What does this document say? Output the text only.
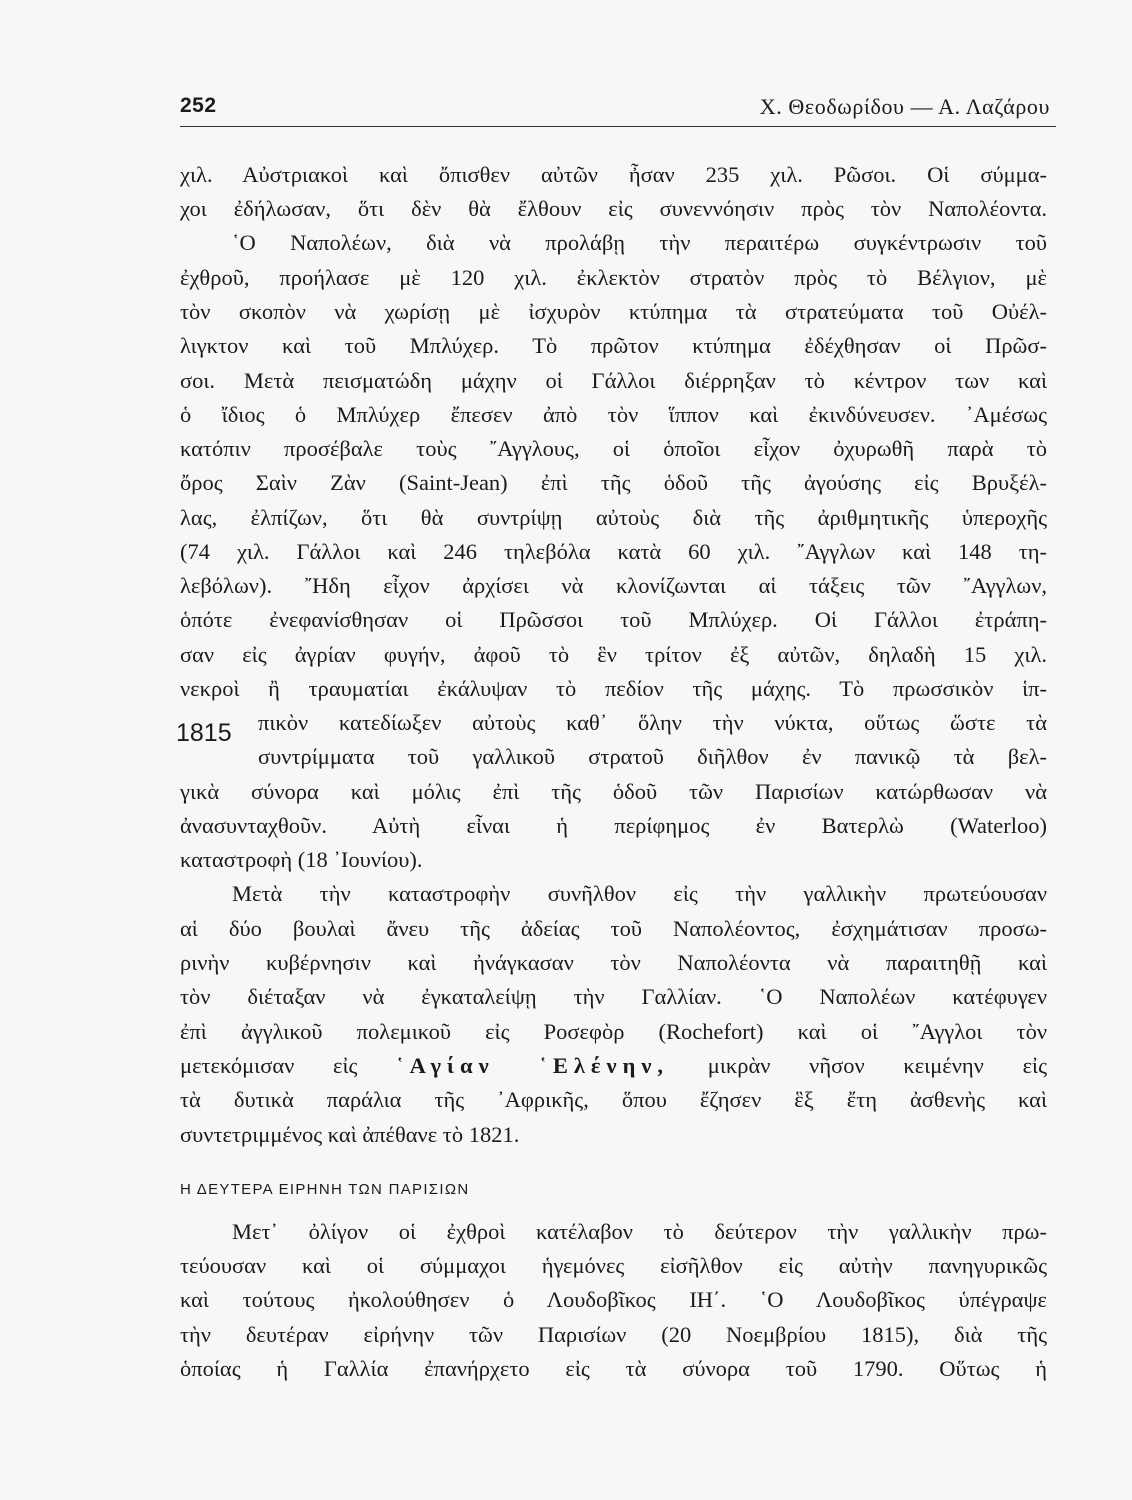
252	Χ. Θεοδωρίδου — Α. Λαζάρου
1815
χιλ. Αὐστριακοὶ καὶ ὄπισθεν αὐτῶν ἦσαν 235 χιλ. Ρῶσοι. Οἱ σύμμα-
χοι ἐδήλωσαν, ὅτι δὲν θὰ ἔλθουν εἰς συνεννόησιν πρὸς τὸν Ναπολέοντα.
῾Ο Ναπολέων, διὰ νὰ προλάβῃ τὴν περαιτέρω συγκέντρωσιν τοῦ
ἐχθροῦ, προήλασε μὲ 120 χιλ. ἐκλεκτὸν στρατὸν πρὸς τὸ Βέλγιον, μὲ
τὸν σκοπὸν νὰ χωρίσῃ μὲ ἰσχυρὸν κτύπημα τὰ στρατεύματα τοῦ Οὐέλ-
λιγκτον καὶ τοῦ Μπλύχερ. Τὸ πρῶτον κτύπημα ἐδέχθησαν οἱ Πρῶσ-
σοι. Μετὰ πεισματώδη μάχην οἱ Γάλλοι διέρρηξαν τὸ κέντρον των καὶ
ὁ ἴδιος ὁ Μπλύχερ ἔπεσεν ἀπὸ τὸν ἵππον καὶ ἐκινδύνευσεν. ᾿Αμέσως
κατόπιν προσέβαλε τοὺς ῎Αγγλους, οἱ ὁποῖοι εἶχον ὀχυρωθῆ παρὰ τὸ
ὄρος Σαὶν Ζὰν (Saint-Jean) ἐπὶ τῆς ὁδοῦ τῆς ἀγούσης εἰς Βρυξέλ-
λας, ἐλπίζων, ὅτι θὰ συντρίψῃ αὐτοὺς διὰ τῆς ἀριθμητικῆς ὑπεροχῆς
(74 χιλ. Γάλλοι καὶ 246 τηλεβόλα κατὰ 60 χιλ. ῎Αγγλων καὶ 148 τη-
λεβόλων). ῎Ηδη εἶχον ἀρχίσει νὰ κλονίζωνται αἱ τάξεις τῶν ῎Αγγλων,
ὁπότε ἐνεφανίσθησαν οἱ Πρῶσσοι τοῦ Μπλύχερ. Οἱ Γάλλοι ἐτράπη-
σαν εἰς ἀγρίαν φυγήν, ἀφοῦ τὸ ἓν τρίτον ἐξ αὐτῶν, δηλαδὴ 15 χιλ.
νεκροὶ ἢ τραυματίαι ἐκάλυψαν τὸ πεδίον τῆς μάχης. Τὸ πρωσσικὸν ἱπ-
πικὸν κατεδίωξεν αὐτοὺς καθ᾿ ὅλην τὴν νύκτα, οὕτως ὥστε τὰ
συντρίμματα τοῦ γαλλικοῦ στρατοῦ διῆλθον ἐν πανικῷ τὰ βελ-
γικὰ σύνορα καὶ μόλις ἐπὶ τῆς ὁδοῦ τῶν Παρισίων κατώρθωσαν νὰ
ἀνασυνταχθοῦν. Αὐτὴ εἶναι ἡ περίφημος ἐν Βατερλὼ (Waterloo)
καταστροφὴ (18 ᾿Ιουνίου).
Μετὰ τὴν καταστροφὴν συνῆλθον εἰς τὴν γαλλικὴν πρωτεύουσαν
αἱ δύο βουλαὶ ἄνευ τῆς ἀδείας τοῦ Ναπολέοντος, ἐσχημάτισαν προσω-
ρινὴν κυβέρνησιν καὶ ἠνάγκασαν τὸν Ναπολέοντα νὰ παραιτηθῇ καὶ
τὸν διέταξαν νὰ ἐγκαταλείψῃ τὴν Γαλλίαν. ῾Ο Ναπολέων κατέφυγεν
ἐπὶ ἀγγλικοῦ πολεμικοῦ εἰς Ροσεφὸρ (Rochefort) καὶ οἱ ῎Αγγλοι τὸν
μετεκόμισαν εἰς ῾Αγίαν ῾Ελένην, μικρὰν νῆσον κειμένην εἰς
τὰ δυτικὰ παράλια τῆς ᾿Αφρικῆς, ὅπου ἔζησεν ἓξ ἔτη ἀσθενὴς καὶ
συντετριμμένος καὶ ἀπέθανε τὸ 1821.
Η ΔΕΥΤΕΡΑ ΕΙΡΗΝΗ ΤΩΝ ΠΑΡΙΣΙΩΝ
Μετ᾿ ὀλίγον οἱ ἐχθροὶ κατέλαβον τὸ δεύτερον τὴν γαλλικὴν πρω-
τεύουσαν καὶ οἱ σύμμαχοι ἡγεμόνες εἰσῆλθον εἰς αὐτὴν πανηγυρικῶς
καὶ τούτους ἠκολούθησεν ὁ Λουδοβῖκος ΙΗ΄. ῾Ο Λουδοβῖκος ὑπέγραψε
τὴν δευτέραν εἰρήνην τῶν Παρισίων (20 Νοεμβρίου 1815), διὰ τῆς
ὁποίας ἡ Γαλλία ἐπανήρχετο εἰς τὰ σύνορα τοῦ 1790. Οὕτως ἡ
